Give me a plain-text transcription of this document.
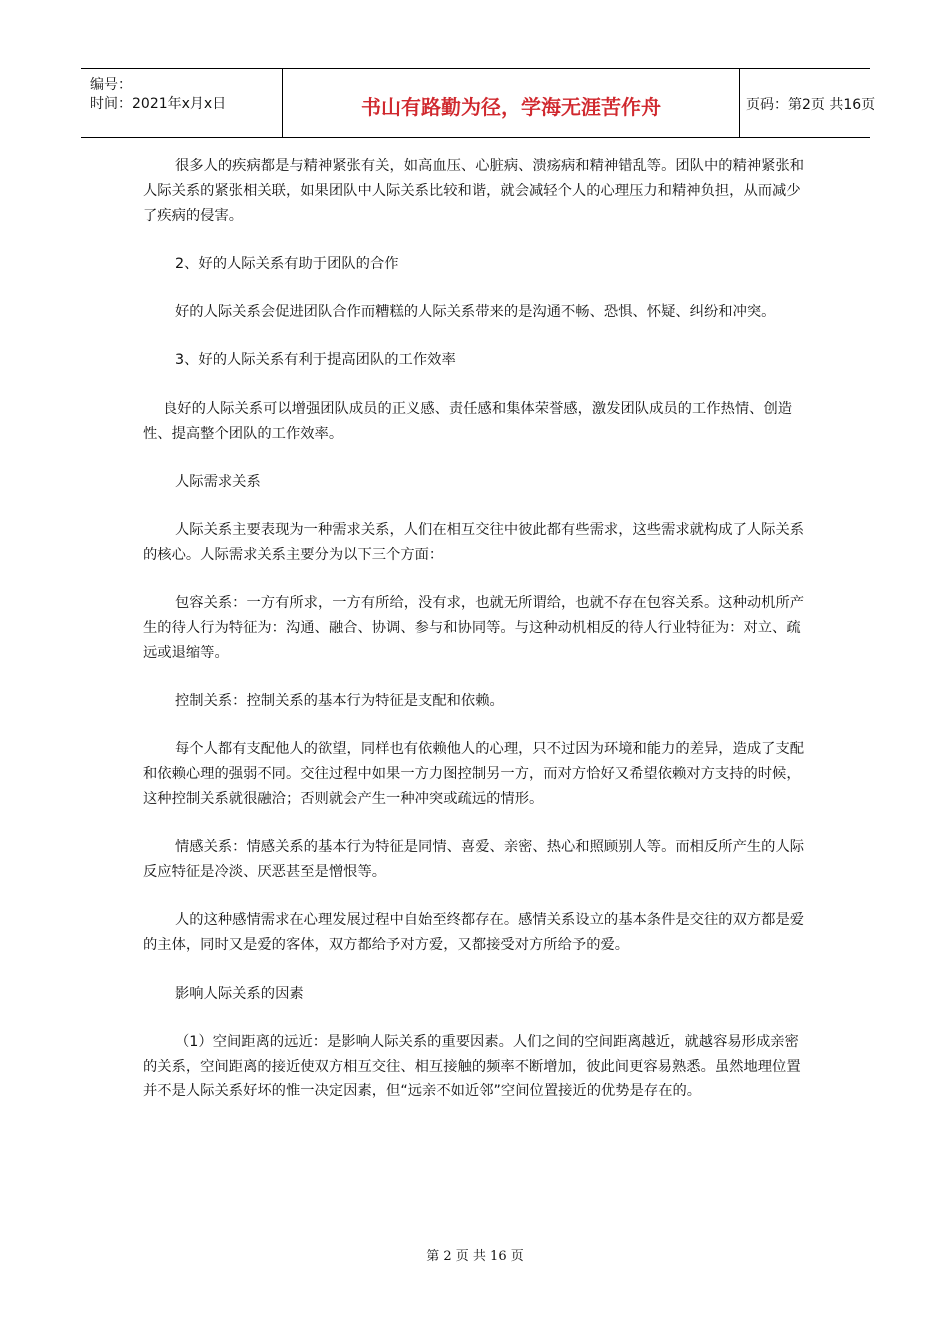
编号：
时间：2021年x月x日	书山有路勤为径，学海无涯苦作舟	页码：第2页 共16页

很多人的疾病都是与精神紧张有关，如高血压、心脏病、溃疡病和精神错乱等。团队中的精神紧张和人际关系的紧张相关联，如果团队中人际关系比较和谐，就会减轻个人的心理压力和精神负担，从而减少了疾病的侵害。

2、好的人际关系有助于团队的合作

好的人际关系会促进团队合作而糟糕的人际关系带来的是沟通不畅、恐惧、怀疑、纠纷和冲突。

3、好的人际关系有利于提高团队的工作效率

良好的人际关系可以增强团队成员的正义感、责任感和集体荣誉感，激发团队成员的工作热情、创造性、提高整个团队的工作效率。

人际需求关系

人际关系主要表现为一种需求关系，人们在相互交往中彼此都有些需求，这些需求就构成了人际关系的核心。人际需求关系主要分为以下三个方面：

包容关系：一方有所求，一方有所给，没有求，也就无所谓给，也就不存在包容关系。这种动机所产生的待人行为特征为：沟通、融合、协调、参与和协同等。与这种动机相反的待人行业特征为：对立、疏远或退缩等。

控制关系：控制关系的基本行为特征是支配和依赖。

每个人都有支配他人的欲望，同样也有依赖他人的心理，只不过因为环境和能力的差异，造成了支配和依赖心理的强弱不同。交往过程中如果一方力图控制另一方，而对方恰好又希望依赖对方支持的时候，这种控制关系就很融洽；否则就会产生一种冲突或疏远的情形。

情感关系：情感关系的基本行为特征是同情、喜爱、亲密、热心和照顾别人等。而相反所产生的人际反应特征是冷淡、厌恶甚至是憎恨等。

人的这种感情需求在心理发展过程中自始至终都存在。感情关系设立的基本条件是交往的双方都是爱的主体，同时又是爱的客体，双方都给予对方爱，又都接受对方所给予的爱。

影响人际关系的因素

（1）空间距离的远近：是影响人际关系的重要因素。人们之间的空间距离越近，就越容易形成亲密的关系，空间距离的接近使双方相互交往、相互接触的频率不断增加，彼此间更容易熟悉。虽然地理位置并不是人际关系好坏的惟一决定因素，但“远亲不如近邻”空间位置接近的优势是存在的。

第 2 页 共 16 页
